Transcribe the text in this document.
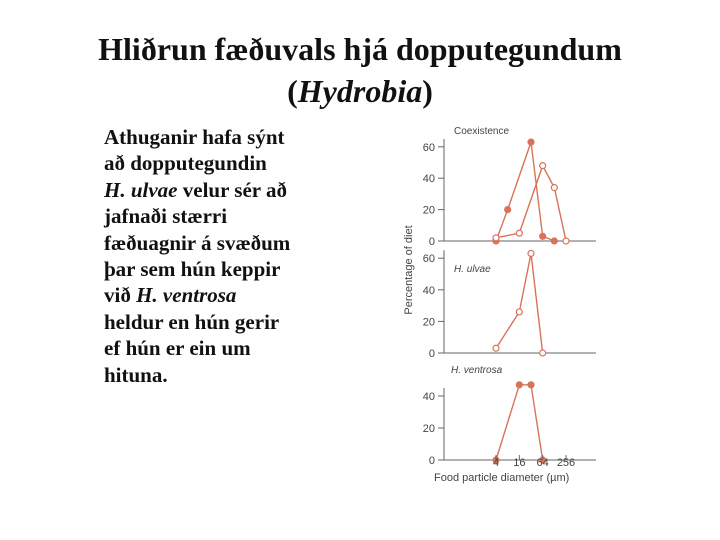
Hliðrun fæðuvals hjá dopputegundum
(Hydrobia)
Athuganir hafa sýnt
að dopputegundin
H. ulvae velur sér að
jafnaði stærri
fæðuagnir á svæðum
þar sem hún keppir
við H. ventrosa
heldur en hún gerir
ef hún er ein um
hituna.
0
20
40
60
Coexistence
0
20
40
60
H. ulvae
0
20
40
H. ventrosa
4 16 64 256
Food particle diameter (µm)
Percentage of diet
